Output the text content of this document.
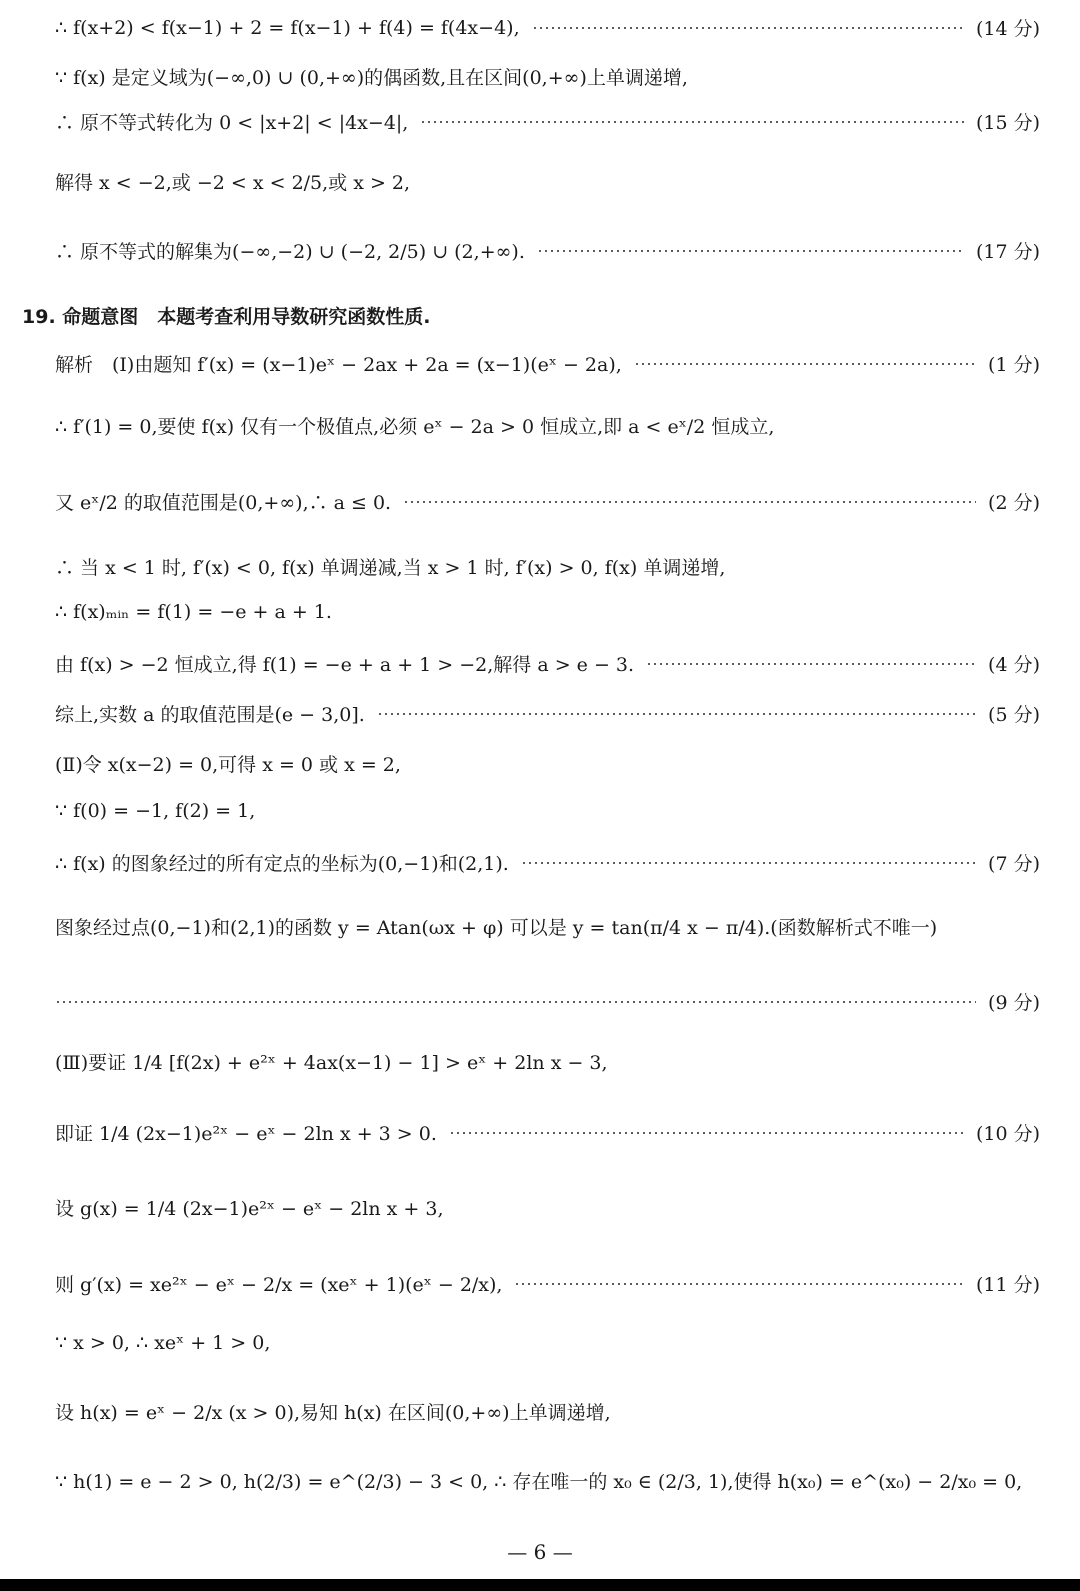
∴ f(x+2) < f(x−1) + 2 = f(x−1) + f(4) = f(4x−4),	(14 分)
∵ f(x) 是定义域为(−∞,0) ∪ (0,+∞)的偶函数,且在区间(0,+∞)上单调递增,
∴ 原不等式转化为 0 < |x+2| < |4x−4|,	(15 分)
解得 x < −2,或 −2 < x < 2/5,或 x > 2,
∴ 原不等式的解集为(−∞,−2) ∪ (−2, 2/5) ∪ (2,+∞).	(17 分)
19. 命题意图　本题考查利用导数研究函数性质.
解析　(Ⅰ)由题知 f′(x) = (x−1)eˣ − 2ax + 2a = (x−1)(eˣ − 2a),	(1 分)
∴ f′(1) = 0,要使 f(x) 仅有一个极值点,必须 eˣ − 2a > 0 恒成立,即 a < eˣ/2 恒成立,
又 eˣ/2 的取值范围是(0,+∞),∴ a ≤ 0.	(2 分)
∴ 当 x < 1 时, f′(x) < 0, f(x) 单调递减,当 x > 1 时, f′(x) > 0, f(x) 单调递增,
∴ f(x)ₘᵢₙ = f(1) = −e + a + 1.
由 f(x) > −2 恒成立,得 f(1) = −e + a + 1 > −2,解得 a > e − 3.	(4 分)
综上,实数 a 的取值范围是(e − 3,0].	(5 分)
(Ⅱ)令 x(x−2) = 0,可得 x = 0 或 x = 2,
∵ f(0) = −1, f(2) = 1,
∴ f(x) 的图象经过的所有定点的坐标为(0,−1)和(2,1).	(7 分)
图象经过点(0,−1)和(2,1)的函数 y = Atan(ωx + φ) 可以是 y = tan(π/4 x − π/4).(函数解析式不唯一)
(9 分)
(Ⅲ)要证 1/4 [f(2x) + e²ˣ + 4ax(x−1) − 1] > eˣ + 2ln x − 3,
即证 1/4 (2x−1)e²ˣ − eˣ − 2ln x + 3 > 0.	(10 分)
设 g(x) = 1/4 (2x−1)e²ˣ − eˣ − 2ln x + 3,
则 g′(x) = xe²ˣ − eˣ − 2/x = (xeˣ + 1)(eˣ − 2/x),	(11 分)
∵ x > 0, ∴ xeˣ + 1 > 0,
设 h(x) = eˣ − 2/x (x > 0),易知 h(x) 在区间(0,+∞)上单调递增,
∵ h(1) = e − 2 > 0, h(2/3) = e^(2/3) − 3 < 0, ∴ 存在唯一的 x₀ ∈ (2/3, 1),使得 h(x₀) = e^(x₀) − 2/x₀ = 0,
— 6 —
